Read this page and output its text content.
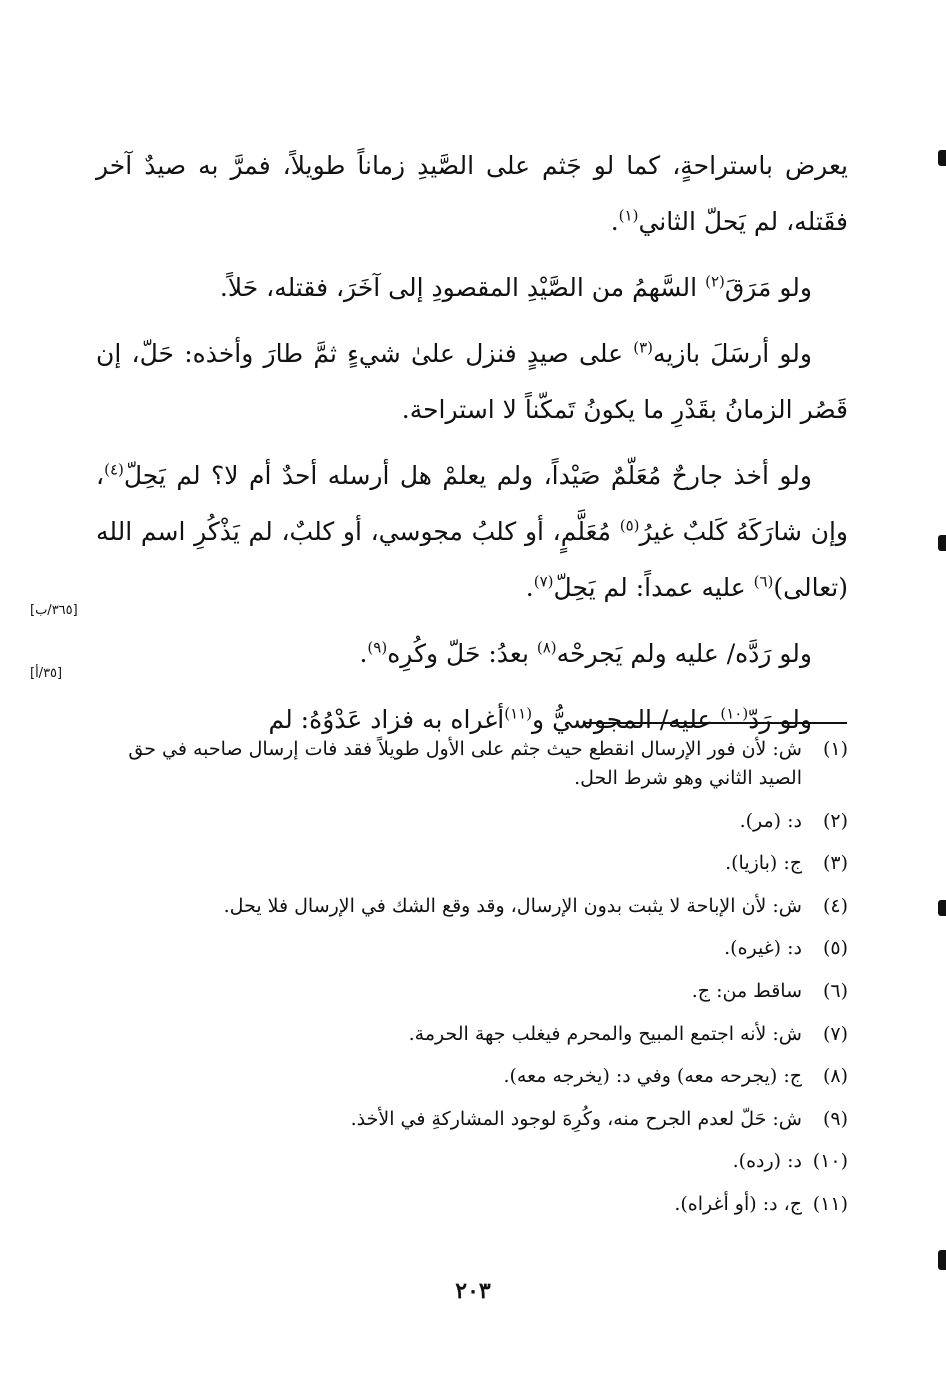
يعرض باستراحةٍ، كما لو جَثم على الصَّيدِ زماناً طويلاً، فمرَّ به صيدٌ آخر فقَتله، لم يَحلّ الثاني$^{(١)}$.

ولو مَرَقَ$^{(٢)}$ السَّهمُ من الصَّيْدِ المقصودِ إلى آخَرَ، فقتله، حَلاً.

ولو أرسَلَ بازيه$^{(٣)}$ على صيدٍ فنزل علىٰ شيءٍ ثمَّ طارَ وأخذه: حَلّ، إن قَصُر الزمانُ بقَدْرِ ما يكونُ تَمكّناً لا استراحة.

ولو أخذ جارحٌ مُعَلّمٌ صَيْداً، ولم يعلمْ هل أرسله أحدٌ أم لا؟ لم يَحِلّ$^{(٤)}$، وإن شارَكَهُ كَلبٌ غيرُ$^{(٥)}$ مُعَلَّمٍ، أو كلبُ مجوسي، أو كلبٌ، لم يَذْكُرِ اسم الله (تعالى)$^{(٦)}$ عليه عمداً: لم يَحِلّ$^{(٧)}$.

ولو رَدَّه/ عليه ولم يَجرحْه$^{(٨)}$ بعدُ: حَلّ وكُرِه$^{(٩)}$.

ولو رَدّ$^{(١٠)}$ عليه/ المجوسيُّ و$^{(١١)}$أغراه به فزاد عَدْوُهُ: لم

[٣٦٥/ب]
[٣٥/أ]
(١)
ش: لأن فور الإرسال انقطع حيث جثم على الأول طويلاً فقد فات إرسال صاحبه في حق الصيد الثاني وهو شرط الحل.
(٢)
د: (مر).
(٣)
ج: (بازيا).
(٤)
ش: لأن الإباحة لا يثبت بدون الإرسال، وقد وقع الشك في الإرسال فلا يحل.
(٥)
د: (غيره).
(٦)
ساقط من: ج.
(٧)
ش: لأنه اجتمع المبيح والمحرم فيغلب جهة الحرمة.
(٨)
ج: (يجرحه معه) وفي د: (يخرجه معه).
(٩)
ش: حَلّ لعدم الجرح منه، وكُرِهَ لوجود المشاركةِ في الأخذ.
(١٠)
د: (رده).
(١١)
ج، د: (أو أغراه).
٢٠٣
